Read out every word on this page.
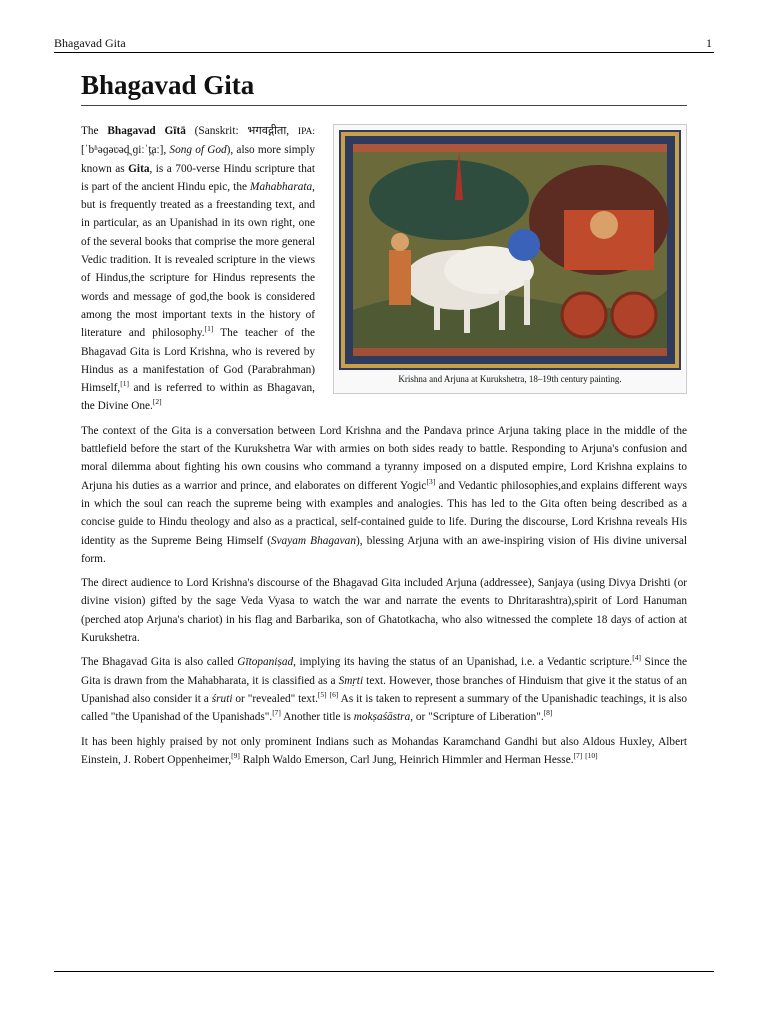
Bhagavad Gita	1
Bhagavad Gita
Krishna and Arjuna at Kurukshetra, 18–19th century painting.

The Bhagavad Gītā (Sanskrit: भगवद्गीता, IPA: [ˈbʱəɡəʋəd̪ ɡiːˈt̪aː], Song of God), also more simply known as Gita, is a 700-verse Hindu scripture that is part of the ancient Hindu epic, the Mahabharata, but is frequently treated as a freestanding text, and in particular, as an Upanishad in its own right, one of the several books that comprise the more general Vedic tradition. It is revealed scripture in the views of Hindus,the scripture for Hindus represents the words and message of god,the book is considered among the most important texts in the history of literature and philosophy.[1] The teacher of the Bhagavad Gita is Lord Krishna, who is revered by Hindus as a manifestation of God (Parabrahman) Himself,[1] and is referred to within as Bhagavan, the Divine One.[2]

The context of the Gita is a conversation between Lord Krishna and the Pandava prince Arjuna taking place in the middle of the battlefield before the start of the Kurukshetra War with armies on both sides ready to battle. Responding to Arjuna's confusion and moral dilemma about fighting his own cousins who command a tyranny imposed on a disputed empire, Lord Krishna explains to Arjuna his duties as a warrior and prince, and elaborates on different Yogic[3] and Vedantic philosophies,and explains different ways in which the soul can reach the supreme being with examples and analogies. This has led to the Gita often being described as a concise guide to Hindu theology and also as a practical, self-contained guide to life. During the discourse, Lord Krishna reveals His identity as the Supreme Being Himself (Svayam Bhagavan), blessing Arjuna with an awe-inspiring vision of His divine universal form.

The direct audience to Lord Krishna's discourse of the Bhagavad Gita included Arjuna (addressee), Sanjaya (using Divya Drishti (or divine vision) gifted by the sage Veda Vyasa to watch the war and narrate the events to Dhritarashtra),spirit of Lord Hanuman (perched atop Arjuna's chariot) in his flag and Barbarika, son of Ghatotkacha, who also witnessed the complete 18 days of action at Kurukshetra.

The Bhagavad Gita is also called Gītopaniṣad, implying its having the status of an Upanishad, i.e. a Vedantic scripture.[4] Since the Gita is drawn from the Mahabharata, it is classified as a Smṛti text. However, those branches of Hinduism that give it the status of an Upanishad also consider it a śruti or "revealed" text.[5] [6] As it is taken to represent a summary of the Upanishadic teachings, it is also called "the Upanishad of the Upanishads".[7] Another title is mokṣaśāstra, or "Scripture of Liberation".[8]

It has been highly praised by not only prominent Indians such as Mohandas Karamchand Gandhi but also Aldous Huxley, Albert Einstein, J. Robert Oppenheimer,[9] Ralph Waldo Emerson, Carl Jung, Heinrich Himmler and Herman Hesse.[7] [10]
